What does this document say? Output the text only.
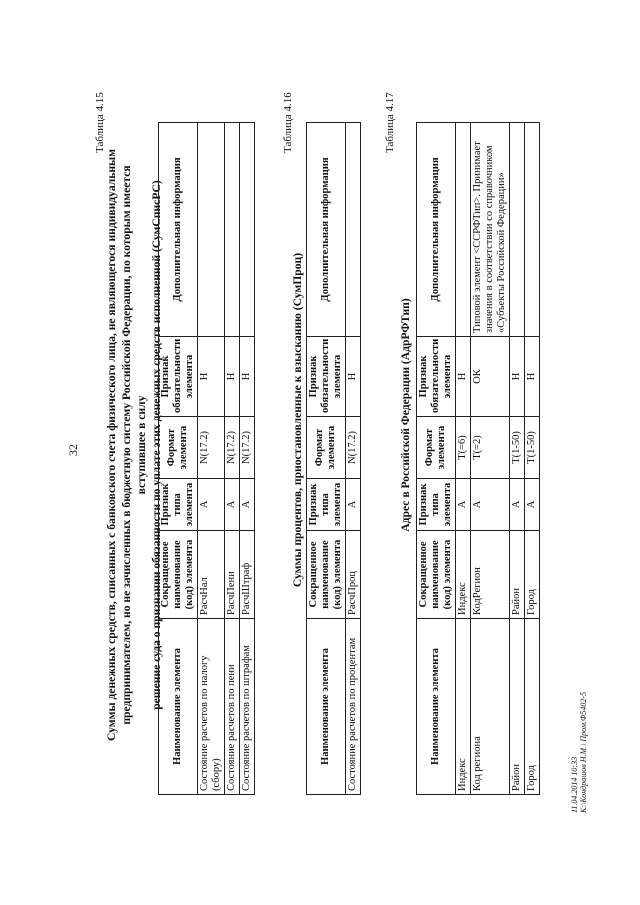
32
Таблица 4.15
Суммы денежных средств, списанных с банковского счета физического лица, не являющегося индивидуальным предпринимателем, но не зачисленных в бюджетную систему Российской Федерации, по которым имеется вступившее в силу решение суда о признании обязанности по уплате этих денежных средств исполненной (СумСписРС) Наименование элемента	Сокращенное наименование (код) элемента	Признак типа элемента	Формат элемента	Признак обязательности элемента	Дополнительная информация
Состояние расчетов по налогу (сбору)	РасчНал	А	N(17.2)	Н	
Состояние расчетов по пени	РасчПени	А	N(17.2)	Н	
Состояние расчетов по штрафам	РасчШтраф	А	N(17.2)	Н	
Таблица 4.16
Суммы процентов, приостановленные к взысканию (СумПроц)
Наименование элемента	Сокращенное наименование (код) элемента	Признак типа элемента	Формат элемента	Признак обязательности элемента	Дополнительная информация
Состояние расчетов по процентам	РасчПроц	А	N(17.2)	Н	
Таблица 4.17
Адрес в Российской Федерации (АдрРФТип)
Наименование элемента	Сокращенное наименование (код) элемента	Признак типа элемента	Формат элемента	Признак обязательности элемента	Дополнительная информация
Индекс	Индекс	А	Т(=6)	Н	
Код региона	КодРегион	А	Т(=2)	ОК	Типовой элемент <ССРФТип>. Принимает значения в соответствии со справочником «Субъекты Российской Федерации»
Район	Район	А	Т(1-50)	Н	
Город	Город	А	Т(1-50)	Н	
11.04.2014 10:33 К:\Кондрашов Н.М.\ Пром.Ф5402-5
